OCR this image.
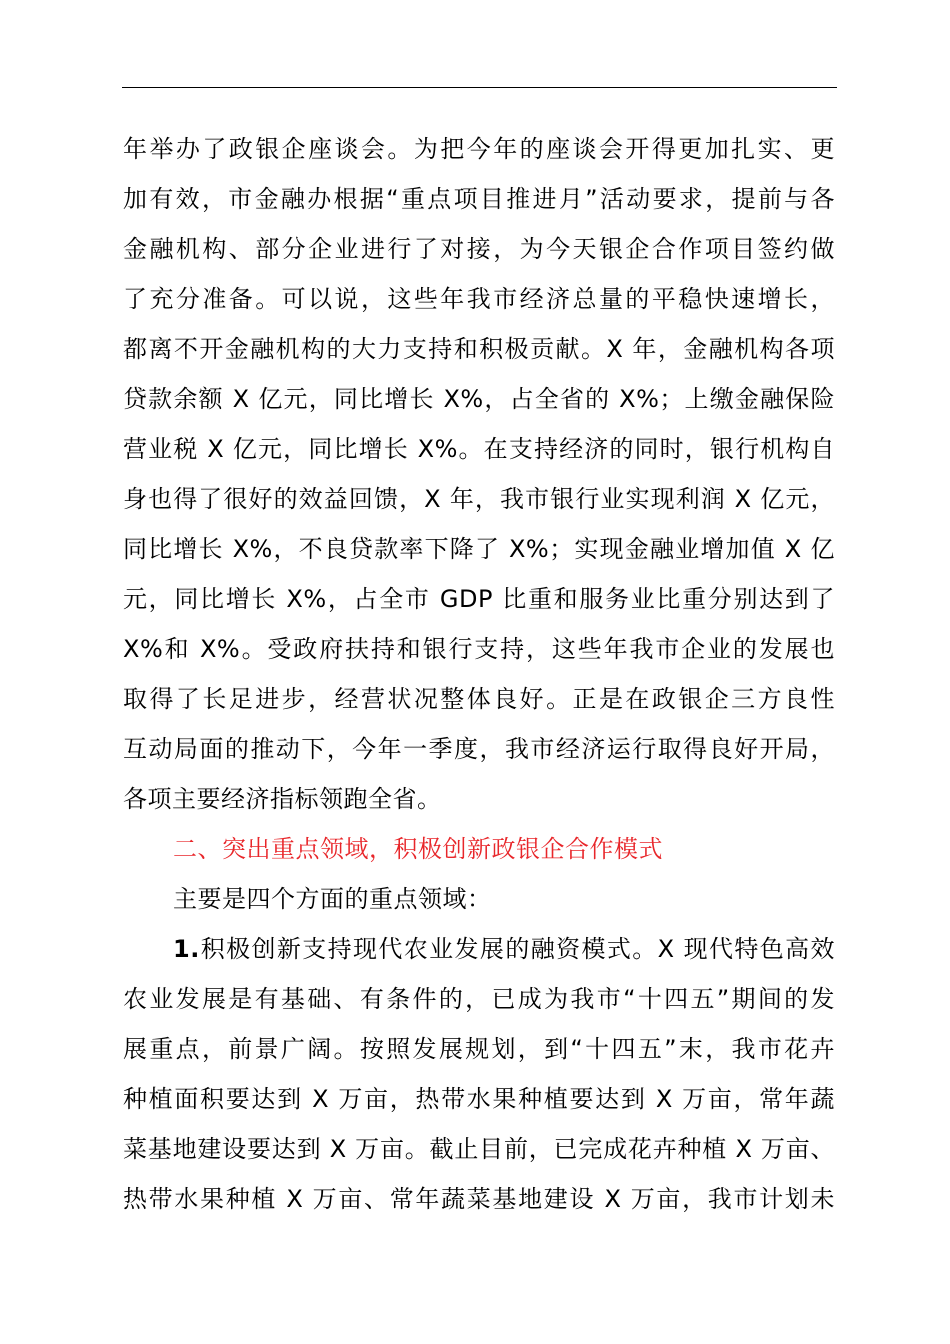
年举办了政银企座谈会。为把今年的座谈会开得更加扎实、更
加有效，市金融办根据“重点项目推进月”活动要求，提前与各
金融机构、部分企业进行了对接，为今天银企合作项目签约做
了充分准备。可以说，这些年我市经济总量的平稳快速增长，
都离不开金融机构的大力支持和积极贡献。X 年，金融机构各项
贷款余额 X 亿元，同比增长 X%，占全省的 X%；上缴金融保险
营业税 X 亿元，同比增长 X%。在支持经济的同时，银行机构自
身也得了很好的效益回馈，X 年，我市银行业实现利润 X 亿元，
同比增长 X%，不良贷款率下降了 X%；实现金融业增加值 X 亿
元，同比增长 X%，占全市 GDP 比重和服务业比重分别达到了
X%和 X%。受政府扶持和银行支持，这些年我市企业的发展也
取得了长足进步，经营状况整体良好。正是在政银企三方良性
互动局面的推动下，今年一季度，我市经济运行取得良好开局，
各项主要经济指标领跑全省。
二、突出重点领域，积极创新政银企合作模式
主要是四个方面的重点领域：
1.积极创新支持现代农业发展的融资模式。X 现代特色高效
农业发展是有基础、有条件的，已成为我市“十四五”期间的发
展重点，前景广阔。按照发展规划，到“十四五”末，我市花卉
种植面积要达到 X 万亩，热带水果种植要达到 X 万亩，常年蔬
菜基地建设要达到 X 万亩。截止目前，已完成花卉种植 X 万亩、
热带水果种植 X 万亩、常年蔬菜基地建设 X 万亩，我市计划未
